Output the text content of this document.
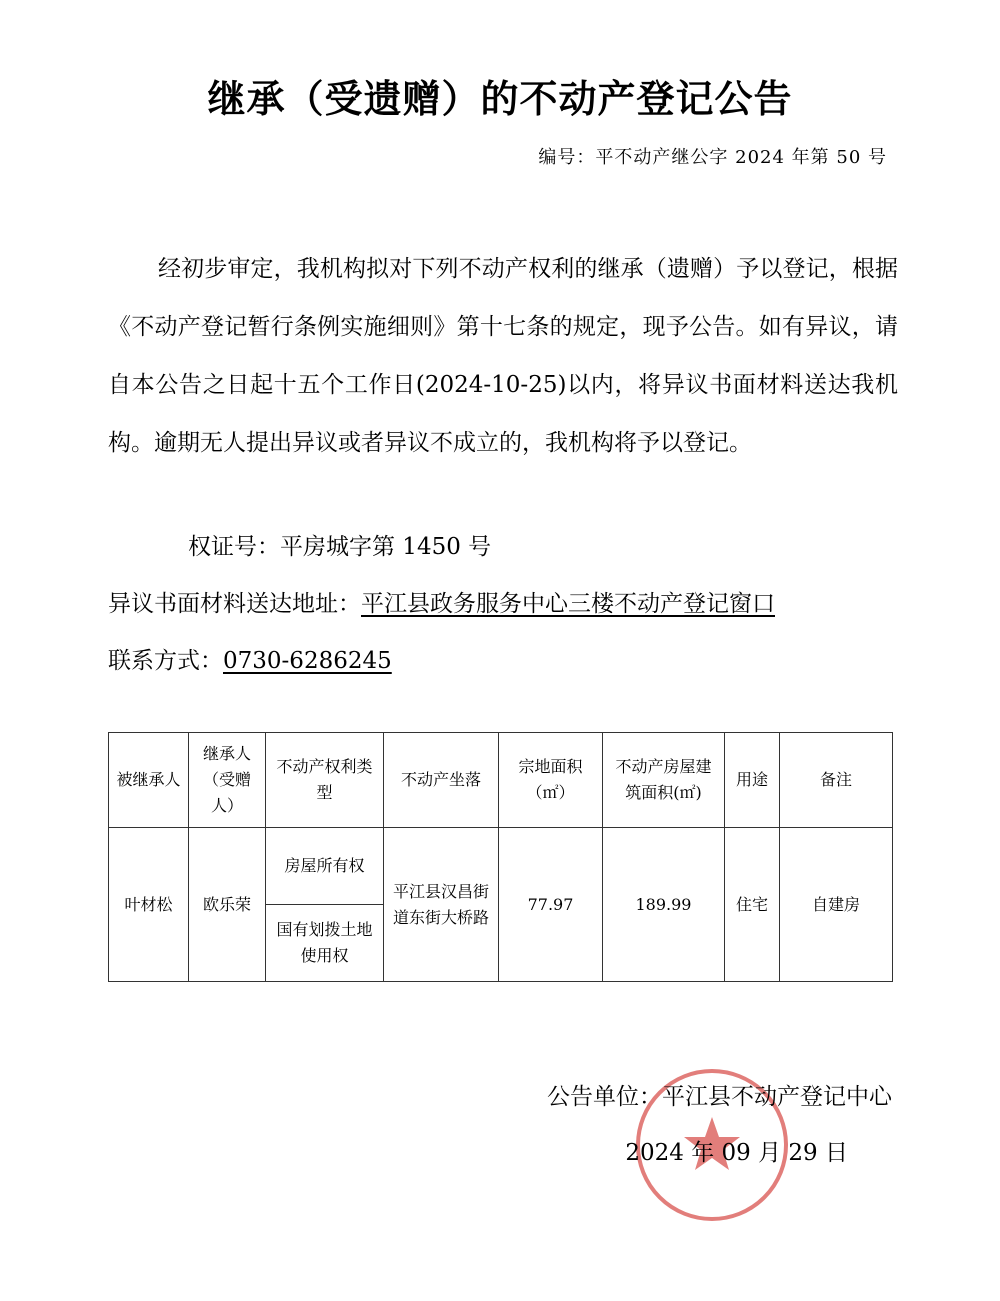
继承（受遗赠）的不动产登记公告
编号：平不动产继公字 2024 年第 50 号

经初步审定，我机构拟对下列不动产权利的继承（遗赠）予以登记，根据《不动产登记暂行条例实施细则》第十七条的规定，现予公告。如有异议，请自本公告之日起十五个工作日(2024-10-25)以内，将异议书面材料送达我机构。逾期无人提出异议或者异议不成立的，我机构将予以登记。

权证号：平房城字第 1450 号
异议书面材料送达地址：平江县政务服务中心三楼不动产登记窗口
联系方式：0730-6286245
被继承人	继承人（受赠人）	不动产权利类　型	不动产坐落	宗地面积（㎡）	不动产房屋建筑面积(㎡)	用途	备注
叶材松	欧乐荣	房屋所有权	平江县汉昌街道东街大桥路	77.97	189.99	住宅	自建房
		国有划拨土地使用权					
公告单位：平江县不动产登记中心
2024 年 09 月 29 日
